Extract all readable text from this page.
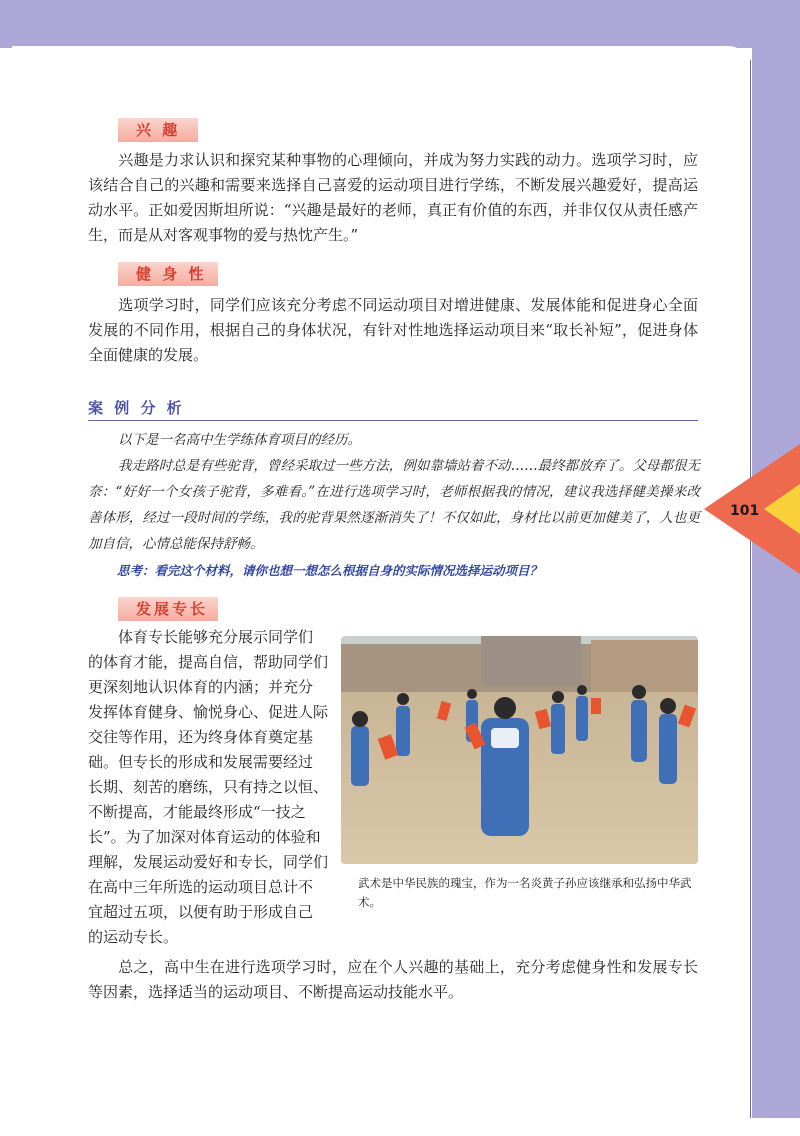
101
兴 趣

兴趣是力求认识和探究某种事物的心理倾向，并成为努力实践的动力。选项学习时，应该结合自己的兴趣和需要来选择自己喜爱的运动项目进行学练，不断发展兴趣爱好，提高运动水平。正如爱因斯坦所说：“兴趣是最好的老师，真正有价值的东西，并非仅仅从责任感产生，而是从对客观事物的爱与热忱产生。”

健 身 性

选项学习时，同学们应该充分考虑不同运动项目对增进健康、发展体能和促进身心全面发展的不同作用，根据自己的身体状况，有针对性地选择运动项目来“取长补短”，促进身体全面健康的发展。

案 例 分 析

以下是一名高中生学练体育项目的经历。

我走路时总是有些驼背，曾经采取过一些方法，例如靠墙站着不动……最终都放弃了。父母都很无奈：“好好一个女孩子驼背，多难看。”在进行选项学习时，老师根据我的情况，建议我选择健美操来改善体形，经过一段时间的学练，我的驼背果然逐渐消失了！不仅如此，身材比以前更加健美了，人也更加自信，心情总能保持舒畅。

思考：看完这个材料，请你也想一想怎么根据自身的实际情况选择运动项目？
发展专长
体育专长能够充分展示同学们
的体育才能，提高自信，帮助同学们
更深刻地认识体育的内涵；并充分
发挥体育健身、愉悦身心、促进人际
交往等作用，还为终身体育奠定基
础。但专长的形成和发展需要经过
长期、刻苦的磨练，只有持之以恒、
不断提高，才能最终形成“一技之
长”。为了加深对体育运动的体验和
理解，发展运动爱好和专长，同学们
在高中三年所选的运动项目总计不
宜超过五项，以便有助于形成自己
的运动专长。

武术是中华民族的瑰宝，作为一名炎黄子孙应该继承和弘扬中华武术。

总之，高中生在进行选项学习时，应在个人兴趣的基础上，充分考虑健身性和发展专长等因素，选择适当的运动项目、不断提高运动技能水平。
